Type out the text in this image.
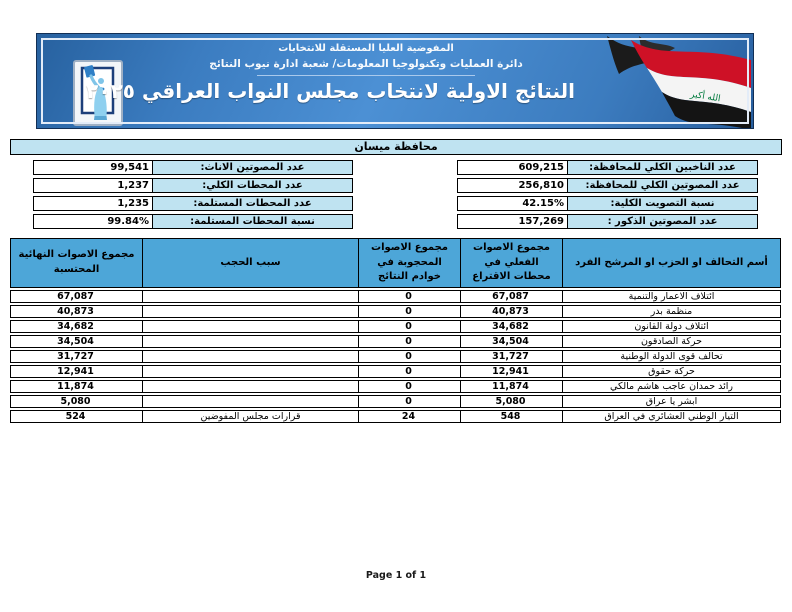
الله أكبر
المفوضية العليا المستقلة للانتخابات
دائرة العمليات وتكنولوجيا المعلومات/ شعبة ادارة نيوب النتائج
النتائج الاولية لانتخاب مجلس النواب العراقي ٢٠٢٥
محافظة ميسان
99,541	عدد المصوتين الاناث:
1,237	عدد المحطات الكلي:
1,235	عدد المحطات المستلمة:
99.84%	نسبة المحطات المستلمة:
609,215	عدد الناخبين الكلي للمحافظة:
256,810	عدد المصوتين الكلي للمحافظة:
42.15%	نسبة التصويت الكلية:
157,269	عدد المصوتين الذكور :
أسم التحالف او الحزب او المرشح الفرد	مجموع الاصوات الفعلي في محطات الاقتراع	مجموع الاصوات المحجوبة في خوادم النتائج	سبب الحجب	مجموع الاصوات النهائية المحتسبة
ائتلاف الاعمار والتنمية	67,087	0		67,087
منظمة بدر	40,873	0		40,873
ائتلاف دولة القانون	34,682	0		34,682
حركة الصادقون	34,504	0		34,504
تحالف قوى الدولة الوطنية	31,727	0		31,727
حركة حقوق	12,941	0		12,941
رائد حمدان عاجب هاشم مالكي	11,874	0		11,874
ابشر يا عراق	5,080	0		5,080
التيار الوطني العشائري في العراق	548	24	قرارات مجلس المفوضين	524
Page 1 of 1
